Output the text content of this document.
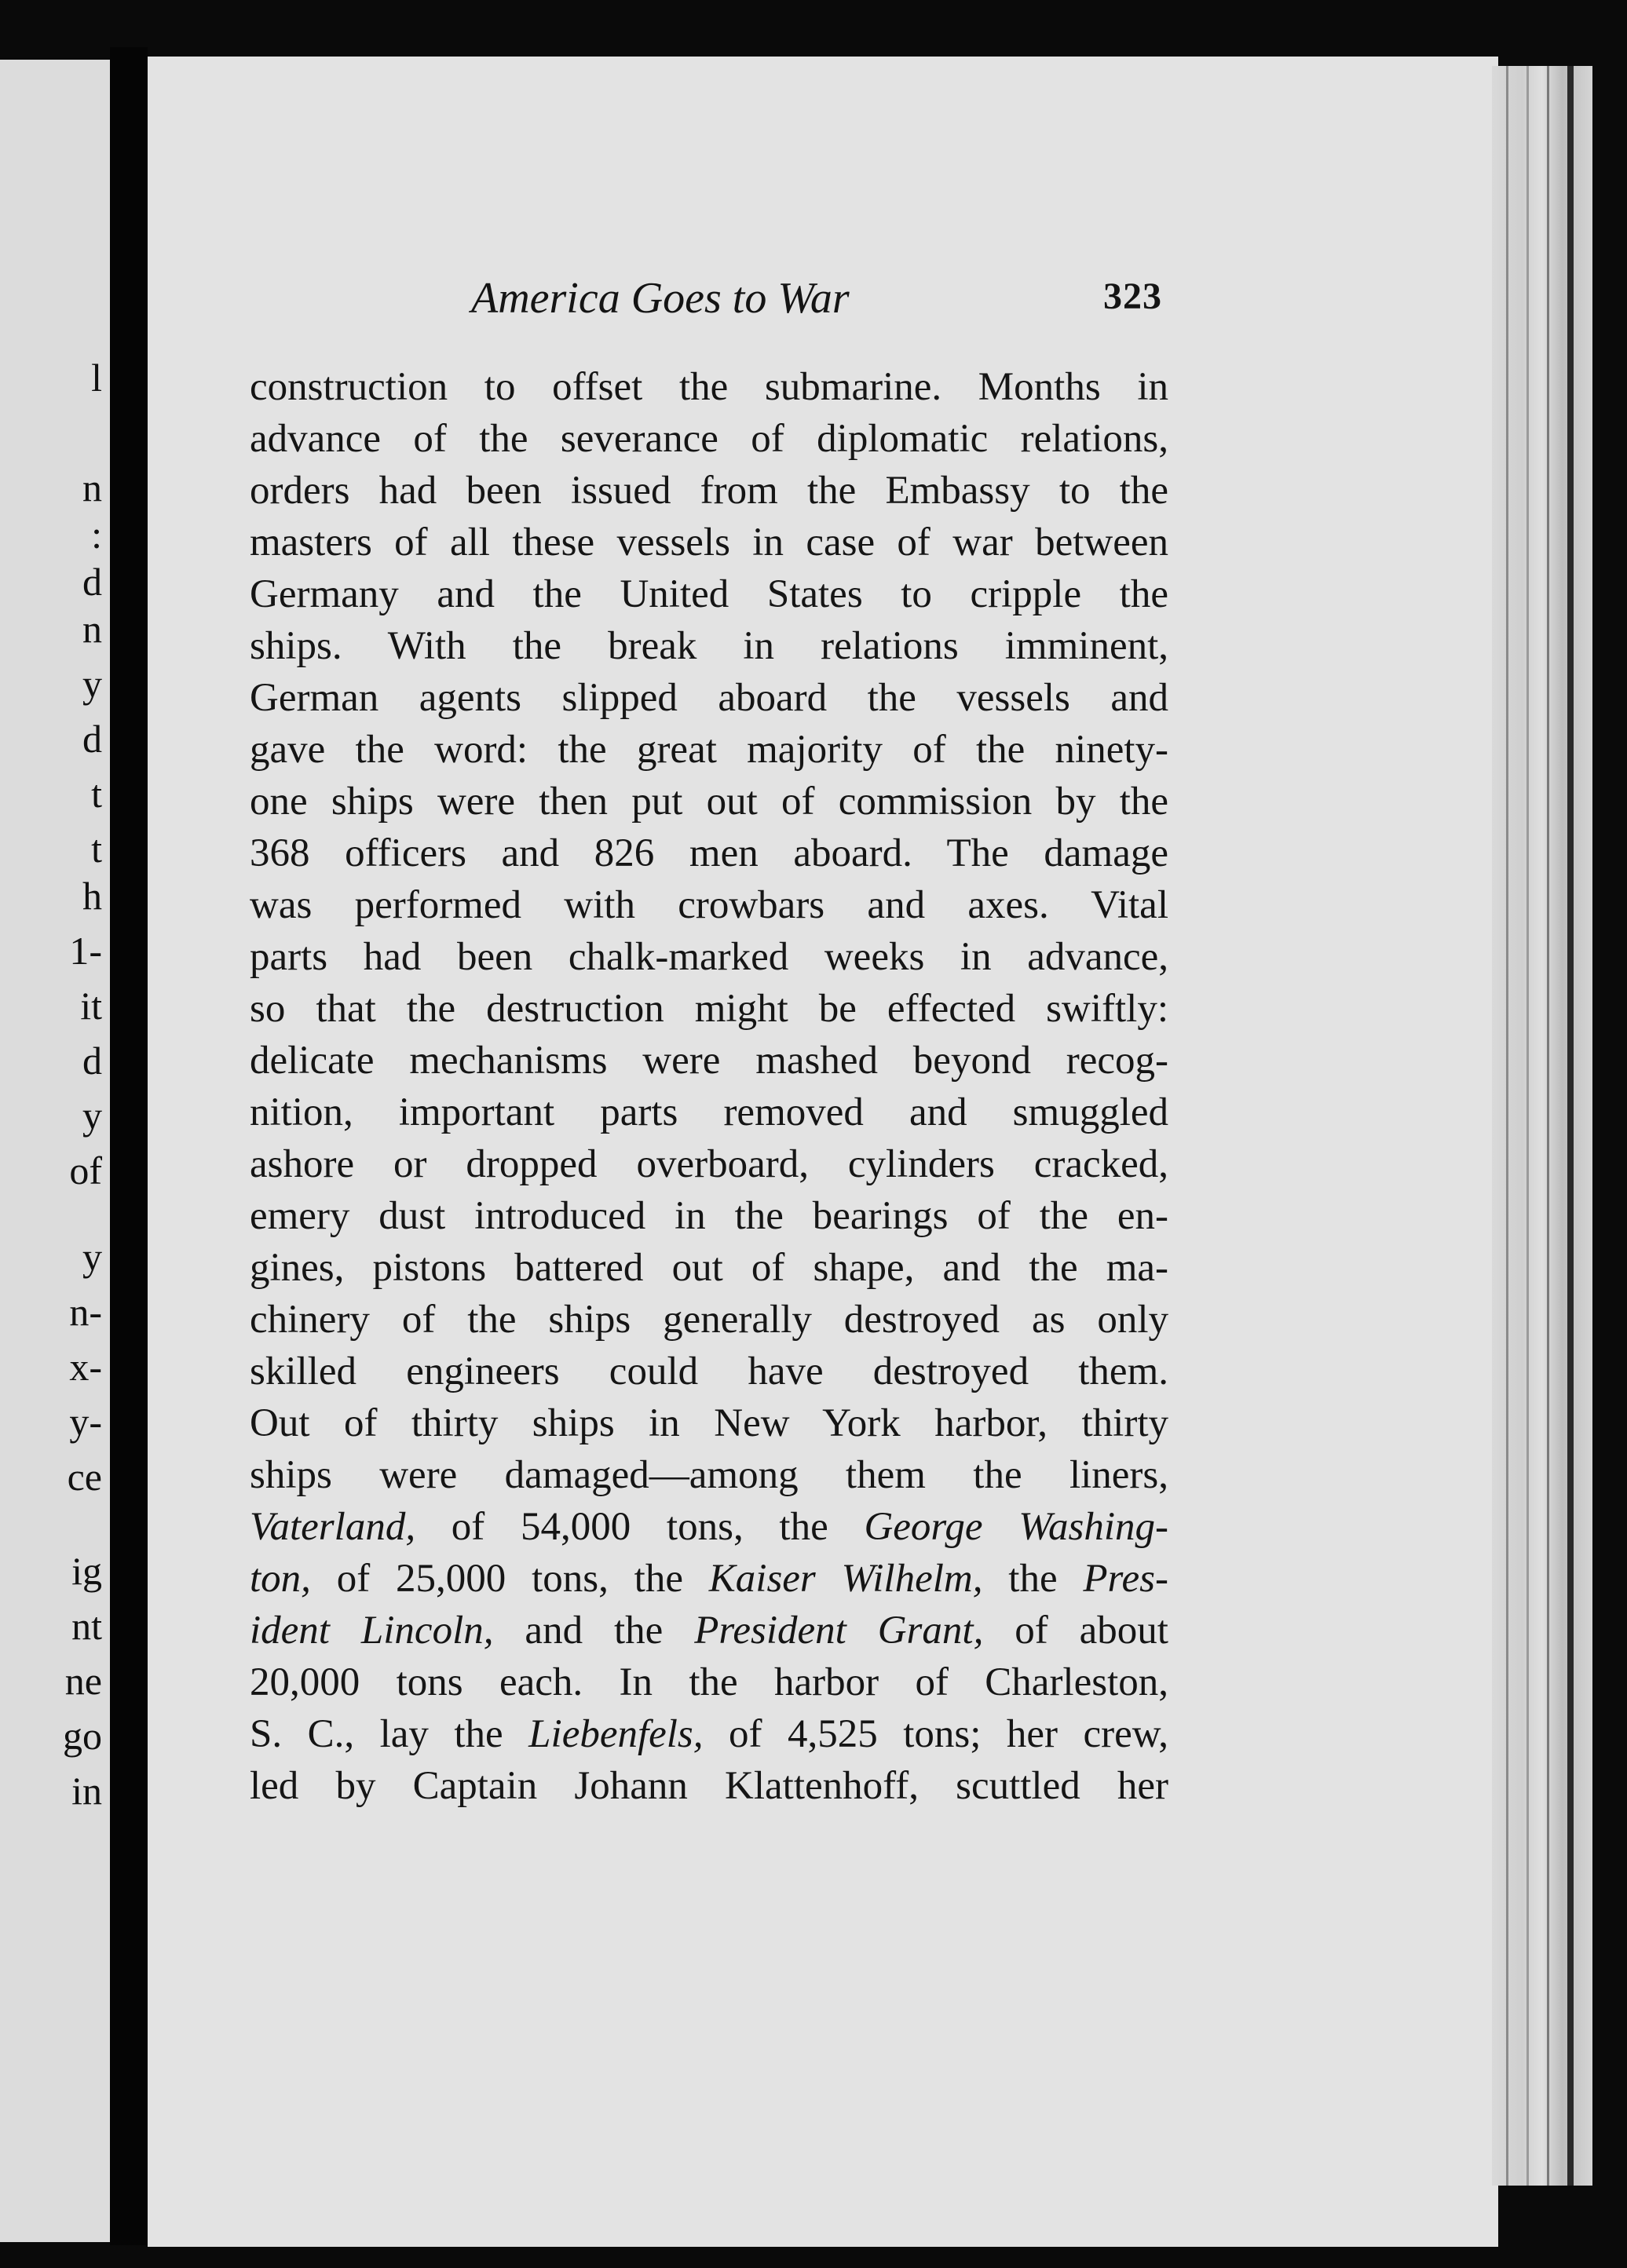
l
n
:
d
n
y
d
t
t
h
1-
it
d
y
of
y
n-
x-
y-
ce
ig
nt
ne
go
in
America Goes to War	323
construction to offset the submarine. Months in
advance of the severance of diplomatic relations,
orders had been issued from the Embassy to the
masters of all these vessels in case of war between
Germany and the United States to cripple the
ships. With the break in relations imminent,
German agents slipped aboard the vessels and
gave the word: the great majority of the ninety-
one ships were then put out of commission by the
368 officers and 826 men aboard. The damage
was performed with crowbars and axes. Vital
parts had been chalk-marked weeks in advance,
so that the destruction might be effected swiftly:
delicate mechanisms were mashed beyond recog-
nition, important parts removed and smuggled
ashore or dropped overboard, cylinders cracked,
emery dust introduced in the bearings of the en-
gines, pistons battered out of shape, and the ma-
chinery of the ships generally destroyed as only
skilled engineers could have destroyed them.
Out of thirty ships in New York harbor, thirty
ships were damaged—among them the liners,
Vaterland, of 54,000 tons, the George Washing-
ton, of 25,000 tons, the Kaiser Wilhelm, the Pres-
ident Lincoln, and the President Grant, of about
20,000 tons each. In the harbor of Charleston,
S. C., lay the Liebenfels, of 4,525 tons; her crew,
led by Captain Johann Klattenhoff, scuttled her
